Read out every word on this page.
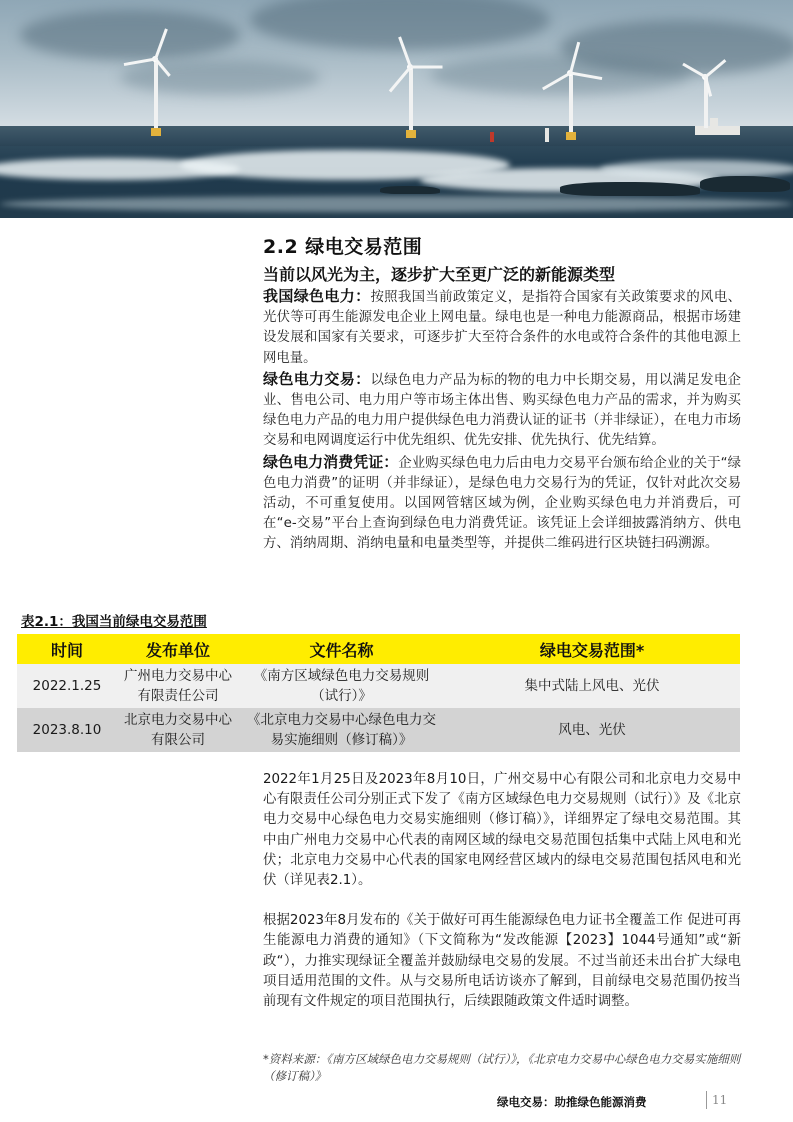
2.2 绿电交易范围
当前以风光为主，逐步扩大至更广泛的新能源类型

我国绿色电力：按照我国当前政策定义，是指符合国家有关政策要求的风电、光伏等可再生能源发电企业上网电量。绿电也是一种电力能源商品，根据市场建设发展和国家有关要求，可逐步扩大至符合条件的水电或符合条件的其他电源上网电量。

绿色电力交易：以绿色电力产品为标的物的电力中长期交易，用以满足发电企业、售电公司、电力用户等市场主体出售、购买绿色电力产品的需求，并为购买绿色电力产品的电力用户提供绿色电力消费认证的证书（并非绿证），在电力市场交易和电网调度运行中优先组织、优先安排、优先执行、优先结算。

绿色电力消费凭证：企业购买绿色电力后由电力交易平台颁布给企业的关于“绿色电力消费”的证明（并非绿证），是绿色电力交易行为的凭证，仅针对此次交易活动，不可重复使用。以国网管辖区域为例，企业购买绿色电力并消费后，可在“e-交易”平台上查询到绿色电力消费凭证。该凭证上会详细披露消纳方、供电方、消纳周期、消纳电量和电量类型等，并提供二维码进行区块链扫码溯源。

表2.1：我国当前绿电交易范围
时间	发布单位	文件名称	绿电交易范围*
2022.1.25	广州电力交易中心有限责任公司	《南方区域绿色电力交易规则（试行）》	集中式陆上风电、光伏
2023.8.10	北京电力交易中心有限公司	《北京电力交易中心绿色电力交易实施细则（修订稿）》	风电、光伏

2022年1月25日及2023年8月10日，广州交易中心有限公司和北京电力交易中心有限责任公司分别正式下发了《南方区域绿色电力交易规则（试行）》及《北京电力交易中心绿色电力交易实施细则（修订稿）》，详细界定了绿电交易范围。其中由广州电力交易中心代表的南网区域的绿电交易范围包括集中式陆上风电和光伏；北京电力交易中心代表的国家电网经营区域内的绿电交易范围包括风电和光伏（详见表2.1）。

根据2023年8月发布的《关于做好可再生能源绿色电力证书全覆盖工作 促进可再生能源电力消费的通知》（下文简称为“发改能源【2023】1044号通知”或“新政“），力推实现绿证全覆盖并鼓励绿电交易的发展。不过当前还未出台扩大绿电项目适用范围的文件。从与交易所电话访谈亦了解到，目前绿电交易范围仍按当前现有文件规定的项目范围执行，后续跟随政策文件适时调整。

*资料来源：《南方区域绿色电力交易规则（试行）》，《北京电力交易中心绿色电力交易实施细则（修订稿）》
绿电交易：助推绿色能源消费	11
